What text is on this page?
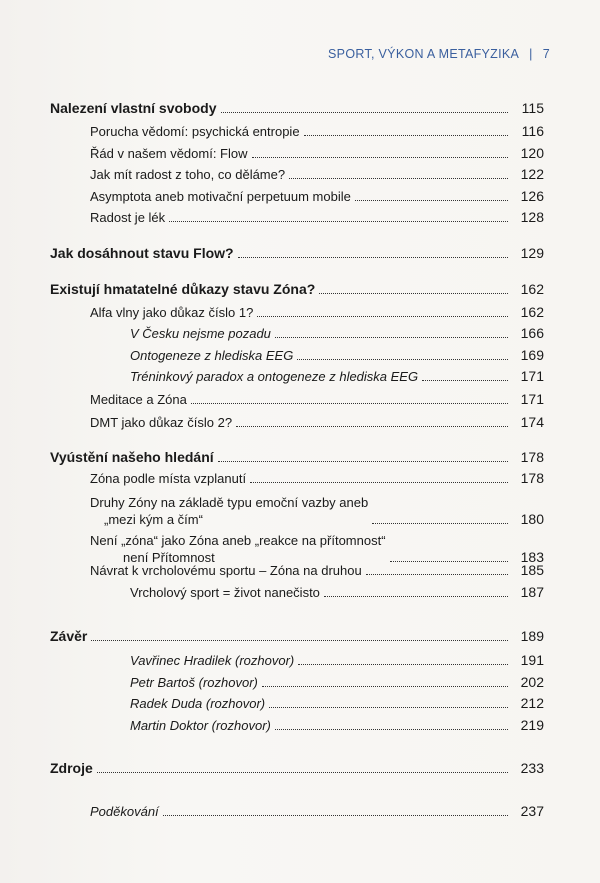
SPORT, VÝKON A METAFYZIKA | 7
Nalezení vlastní svobody	115
Porucha vědomí: psychická entropie	116
Řád v našem vědomí: Flow	120
Jak mít radost z toho, co děláme?	122
Asymptota aneb motivační perpetuum mobile	126
Radost je lék	128
Jak dosáhnout stavu Flow?	129
Existují hmatatelné důkazy stavu Zóna?	162
Alfa vlny jako důkaz číslo 1?	162
V Česku nejsme pozadu	166
Ontogeneze z hlediska EEG	169
Tréninkový paradox a ontogeneze z hlediska EEG	171
Meditace a Zóna	171
DMT jako důkaz číslo 2?	174
Vyústění našeho hledání	178
Zóna podle místa vzplanutí	178
Druhy Zóny na základě typu emoční vazby aneb
„mezi kým a čím“	180
Není „zóna“ jako Zóna aneb „reakce na přítomnost“
není Přítomnost	183
Návrat k vrcholovému sportu – Zóna na druhou	185
Vrcholový sport = život nanečisto	187
Závěr	189
Vavřinec Hradilek (rozhovor)	191
Petr Bartoš (rozhovor)	202
Radek Duda (rozhovor)	212
Martin Doktor (rozhovor)	219
Zdroje	233
Poděkování	237
